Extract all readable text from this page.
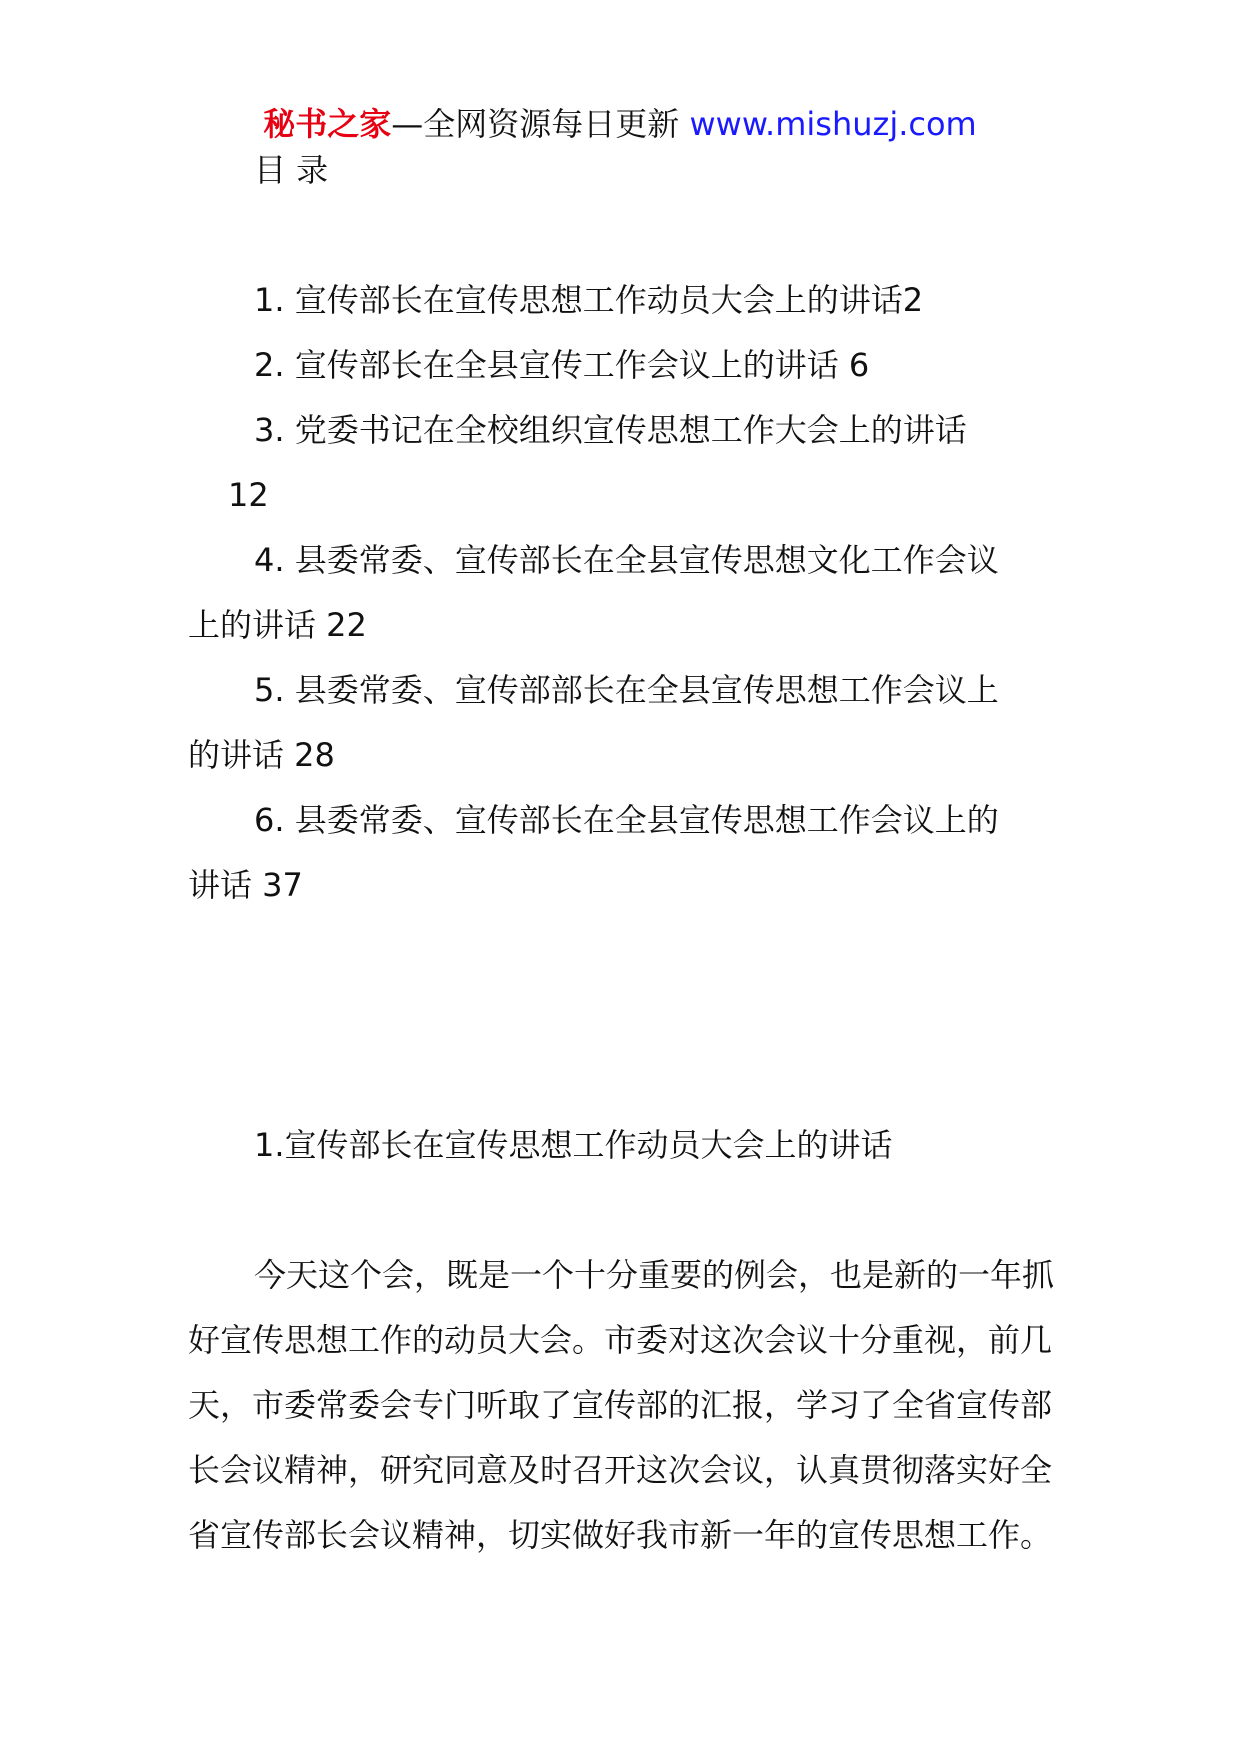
秘书之家—全网资源每日更新 www.mishuzj.com
目 录
1. 宣传部长在宣传思想工作动员大会上的讲话2
2. 宣传部长在全县宣传工作会议上的讲话 6
3. 党委书记在全校组织宣传思想工作大会上的讲话
12
4. 县委常委、宣传部长在全县宣传思想文化工作会议
上的讲话 22
5. 县委常委、宣传部部长在全县宣传思想工作会议上
的讲话 28
6. 县委常委、宣传部长在全县宣传思想工作会议上的
讲话 37
1.宣传部长在宣传思想工作动员大会上的讲话

今天这个会，既是一个十分重要的例会，也是新的一年抓好宣传思想工作的动员大会。市委对这次会议十分重视，前几天，市委常委会专门听取了宣传部的汇报，学习了全省宣传部长会议精神，研究同意及时召开这次会议，认真贯彻落实好全省宣传部长会议精神，切实做好我市新一年的宣传思想工作。
